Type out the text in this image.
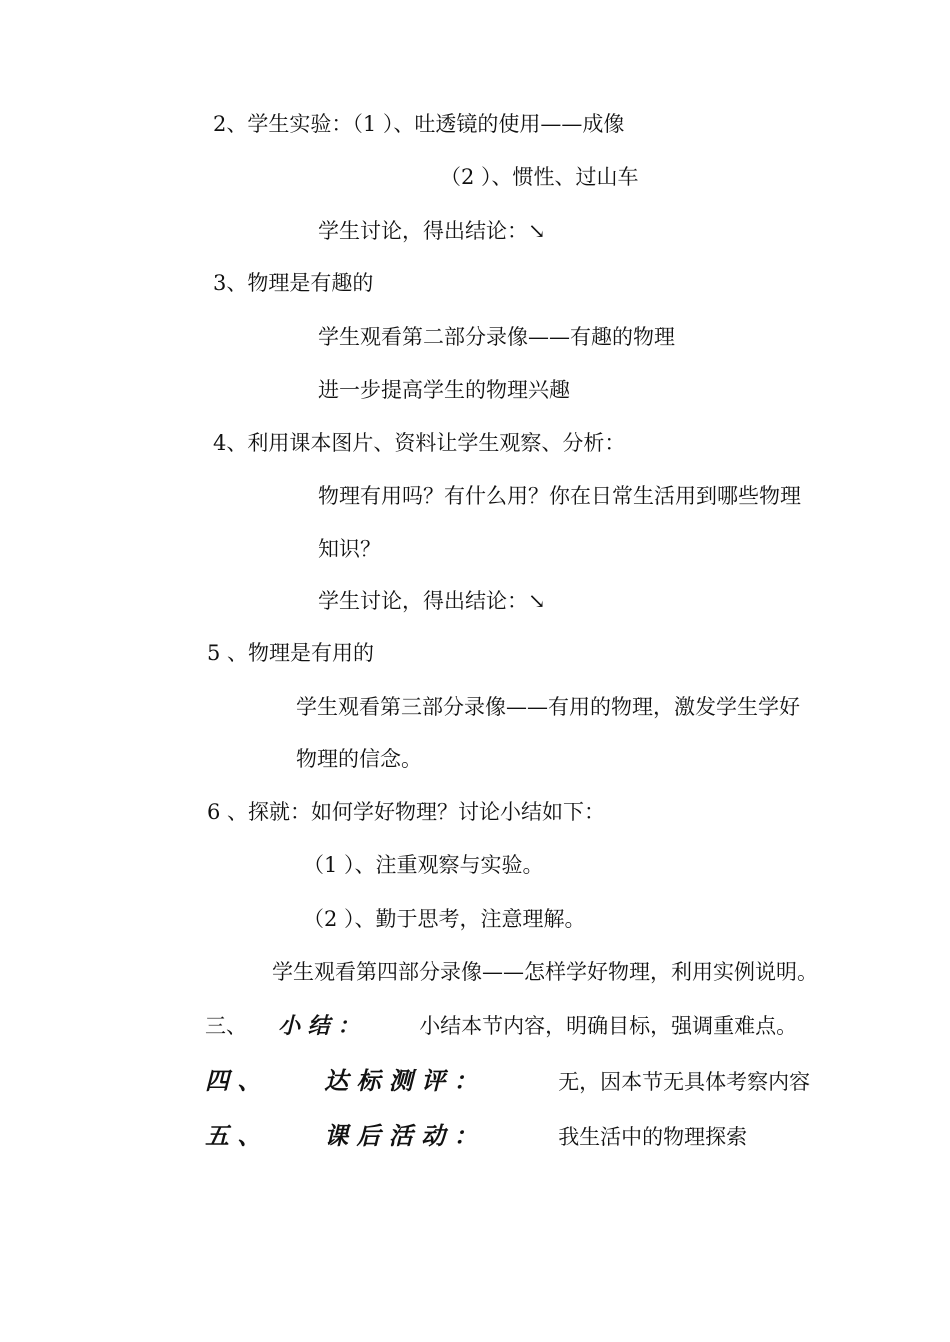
2、学生实验：（1 ）、吐透镜的使用——成像
（2 ）、惯性、过山车
学生讨论，得出结论：↘
3、物理是有趣的
学生观看第二部分录像——有趣的物理
进一步提高学生的物理兴趣
4、利用课本图片、资料让学生观察、分析：
物理有用吗？有什么用？你在日常生活用到哪些物理
知识？
学生讨论，得出结论：↘
5 、物理是有用的
学生观看第三部分录像——有用的物理，激发学生学好
物理的信念。
6 、探就：如何学好物理？讨论小结如下：
（1 ）、注重观察与实验。
（2 ）、勤于思考，注意理解。
学生观看第四部分录像——怎样学好物理，利用实例说明。
三、 小 结 ：	小结本节内容，明确目标，强调重难点。
四 、	达 标 测 评 ：	无，因本节无具体考察内容
五 、	课 后 活 动 ：	我生活中的物理探索
